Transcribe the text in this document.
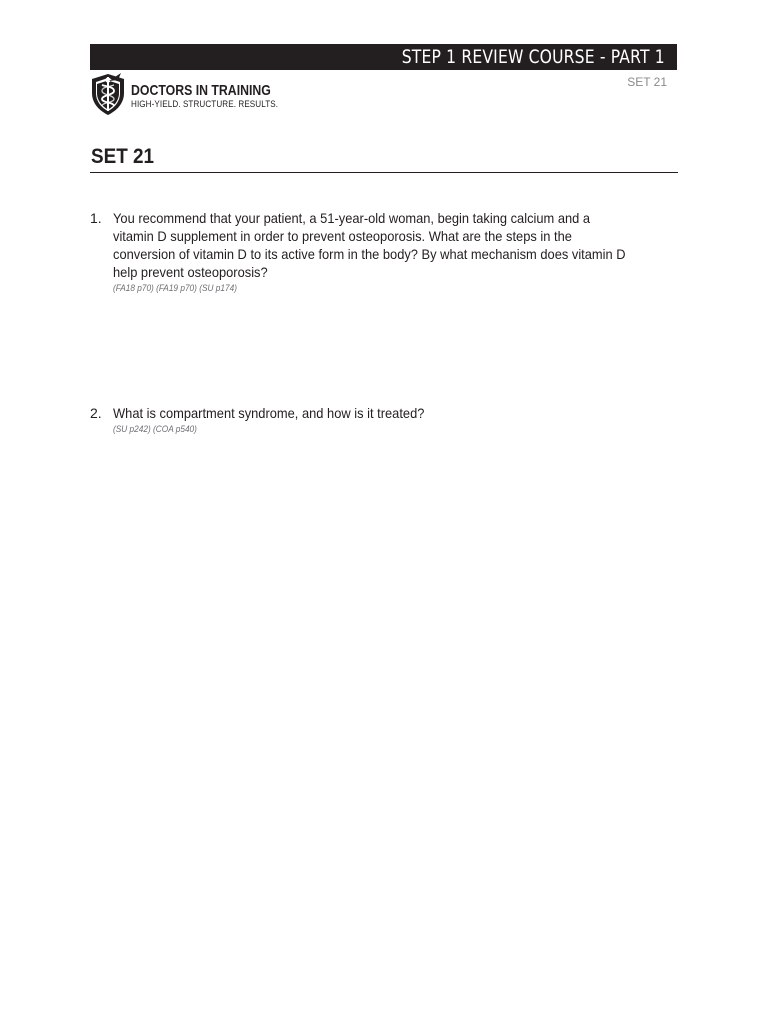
STEP 1 REVIEW COURSE - PART 1
SET 21
DOCTORS IN TRAINING
HIGH-YIELD. STRUCTURE. RESULTS.
SET 21
1. You recommend that your patient, a 51-year-old woman, begin taking calcium and a vitamin D supplement in order to prevent osteoporosis. What are the steps in the conversion of vitamin D to its active form in the body? By what mechanism does vitamin D help prevent osteoporosis?
(FA18 p70) (FA19 p70) (SU p174)
2. What is compartment syndrome, and how is it treated?
(SU p242) (COA p540)
